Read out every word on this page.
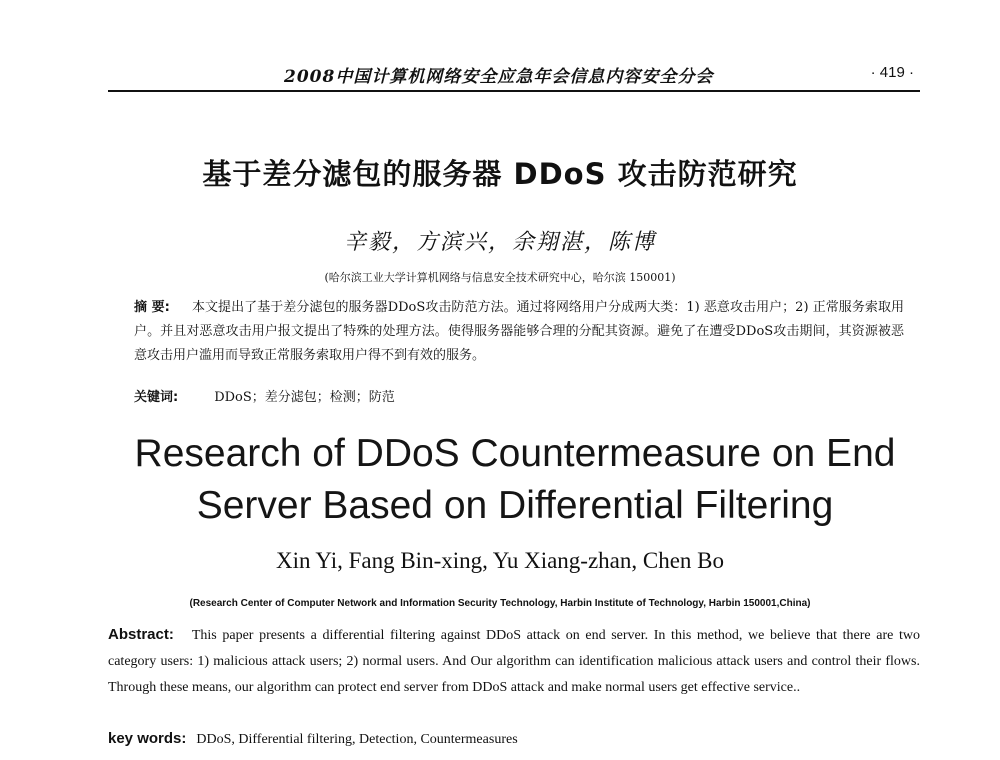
2008中国计算机网络安全应急年会信息内容安全分会	· 419 ·
基于差分滤包的服务器 DDoS 攻击防范研究
辛毅，方滨兴，余翔湛，陈博
(哈尔滨工业大学计算机网络与信息安全技术研究中心，哈尔滨 150001)
摘 要: 本文提出了基于差分滤包的服务器DDoS攻击防范方法。通过将网络用户分成两大类：1) 恶意攻击用户；2) 正常服务索取用户。并且对恶意攻击用户报文提出了特殊的处理方法。使得服务器能够合理的分配其资源。避免了在遭受DDoS攻击期间，其资源被恶意攻击用户滥用而导致正常服务索取用户得不到有效的服务。
关键词:	DDoS；差分滤包；检测；防范
Research of DDoS Countermeasure on End Server Based on Differential Filtering
Xin Yi, Fang Bin-xing, Yu Xiang-zhan, Chen Bo
(Research Center of Computer Network and Information Security Technology, Harbin Institute of Technology, Harbin 150001,China)
Abstract: This paper presents a differential filtering against DDoS attack on end server. In this method, we believe that there are two category users: 1) malicious attack users; 2) normal users. And Our algorithm can identification malicious attack users and control their flows. Through these means, our algorithm can protect end server from DDoS attack and make normal users get effective service..
key words: DDoS, Differential filtering, Detection, Countermeasures
